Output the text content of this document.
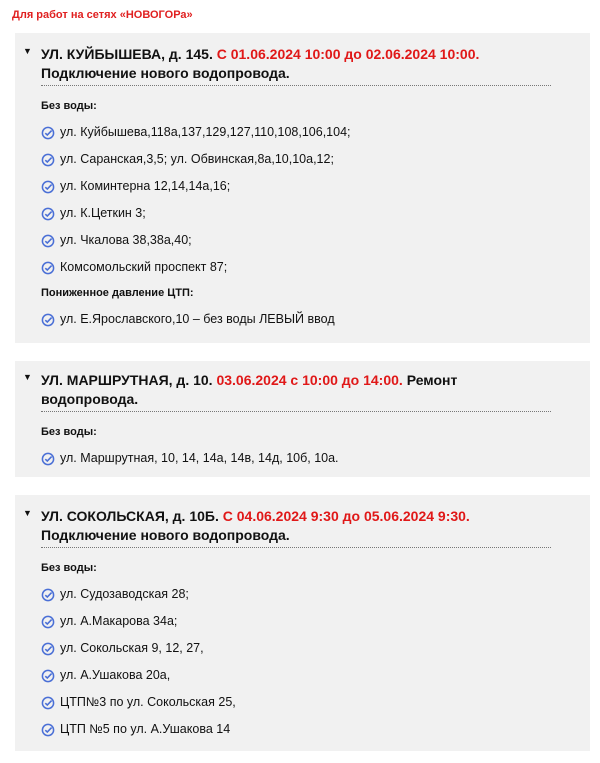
Для работ на сетях «НОВОГОРа»
▼ УЛ. КУЙБЫШЕВА, д. 145. С 01.06.2024 10:00 до 02.06.2024 10:00.
Подключение нового водопровода.
Без воды:
ул. Куйбышева,118а,137,129,127,110,108,106,104;
ул. Саранская,3,5; ул. Обвинская,8а,10,10а,12;
ул. Коминтерна 12,14,14а,16;
ул. К.Цеткин 3;
ул. Чкалова 38,38а,40;
Комсомольский проспект 87;
Пониженное давление ЦТП:
ул. Е.Ярославского,10 – без воды ЛЕВЫЙ ввод
▼ УЛ. МАРШРУТНАЯ, д. 10. 03.06.2024 с 10:00 до 14:00. Ремонт
водопровода.
Без воды:
ул. Маршрутная, 10, 14, 14а, 14в, 14д, 10б, 10а.
▼ УЛ. СОКОЛЬСКАЯ, д. 10Б. С 04.06.2024 9:30 до 05.06.2024 9:30.
Подключение нового водопровода.
Без воды:
ул. Судозаводская 28;
ул. А.Макарова 34а;
ул. Сокольская 9, 12, 27,
ул. А.Ушакова 20а,
ЦТП№3 по ул. Сокольская 25,
ЦТП №5 по ул. А.Ушакова 14
